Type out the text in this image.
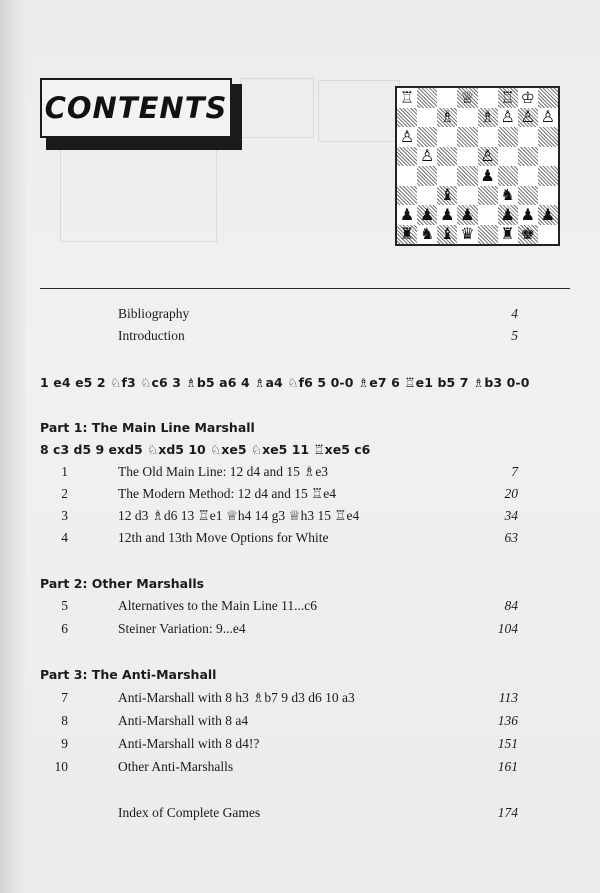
CONTENTS	♖	♕ ♖ ♔
♗ ♗ ♙ ♙ ♙
♙
♙	♙
♟
♝	♞
♟ ♟ ♟ ♟ ♟ ♟ ♟
♜ ♞ ♝ ♛ ♜ ♚
Bibliography	4
Introduction	5
1 e4 e5 2 ♘f3 ♘c6 3 ♗b5 a6 4 ♗a4 ♘f6 5 0-0 ♗e7 6 ♖e1 b5 7 ♗b3 0-0
Part 1: The Main Line Marshall
8 c3 d5 9 exd5 ♘xd5 10 ♘xe5 ♘xe5 11 ♖xe5 c6
1	The Old Main Line: 12 d4 and 15 ♗e3	7
2	The Modern Method: 12 d4 and 15 ♖e4	20
3	12 d3 ♗d6 13 ♖e1 ♕h4 14 g3 ♕h3 15 ♖e4	34
4	12th and 13th Move Options for White	63
Part 2: Other Marshalls
5	Alternatives to the Main Line 11...c6	84
6	Steiner Variation: 9...e4	104
Part 3: The Anti-Marshall
7	Anti-Marshall with 8 h3 ♗b7 9 d3 d6 10 a3	113
8	Anti-Marshall with 8 a4	136
9	Anti-Marshall with 8 d4!?	151
10	Other Anti-Marshalls	161
Index of Complete Games	174
